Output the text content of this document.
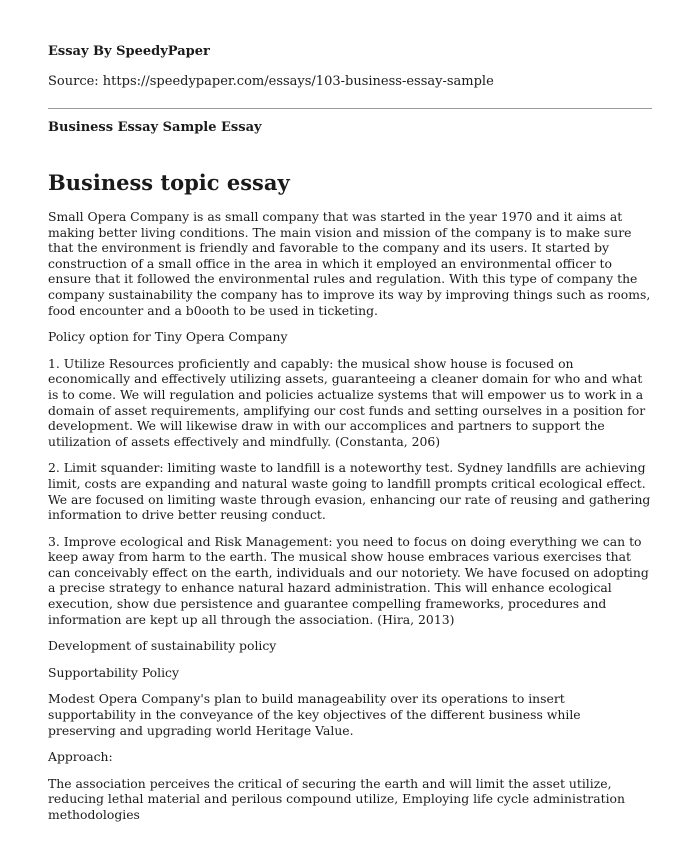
Essay By SpeedyPaper
Source: https://speedypaper.com/essays/103-business-essay-sample
Business Essay Sample Essay
Business topic essay

Small Opera Company is as small company that was started in the year 1970 and it aims at making better living conditions. The main vision and mission of the company is to make sure that the environment is friendly and favorable to the company and its users. It started by construction of a small office in the area in which it employed an environmental officer to ensure that it followed the environmental rules and regulation. With this type of company the company sustainability the company has to improve its way by improving things such as rooms, food encounter and a b0ooth to be used in ticketing.

Policy option for Tiny Opera Company

1. Utilize Resources proficiently and capably: the musical show house is focused on economically and effectively utilizing assets, guaranteeing a cleaner domain for who and what is to come. We will regulation and policies actualize systems that will empower us to work in a domain of asset requirements, amplifying our cost funds and setting ourselves in a position for development. We will likewise draw in with our accomplices and partners to support the utilization of assets effectively and mindfully. (Constanta, 206)

2. Limit squander: limiting waste to landfill is a noteworthy test. Sydney landfills are achieving limit, costs are expanding and natural waste going to landfill prompts critical ecological effect. We are focused on limiting waste through evasion, enhancing our rate of reusing and gathering information to drive better reusing conduct.

3. Improve ecological and Risk Management: you need to focus on doing everything we can to keep away from harm to the earth. The musical show house embraces various exercises that can conceivably effect on the earth, individuals and our notoriety. We have focused on adopting a precise strategy to enhance natural hazard administration. This will enhance ecological execution, show due persistence and guarantee compelling frameworks, procedures and information are kept up all through the association. (Hira, 2013)

Development of sustainability policy

Supportability Policy

Modest Opera Company's plan to build manageability over its operations to insert supportability in the conveyance of the key objectives of the different business while preserving and upgrading world Heritage Value.

Approach:

The association perceives the critical of securing the earth and will limit the asset utilize, reducing lethal material and perilous compound utilize, Employing life cycle administration methodologies
